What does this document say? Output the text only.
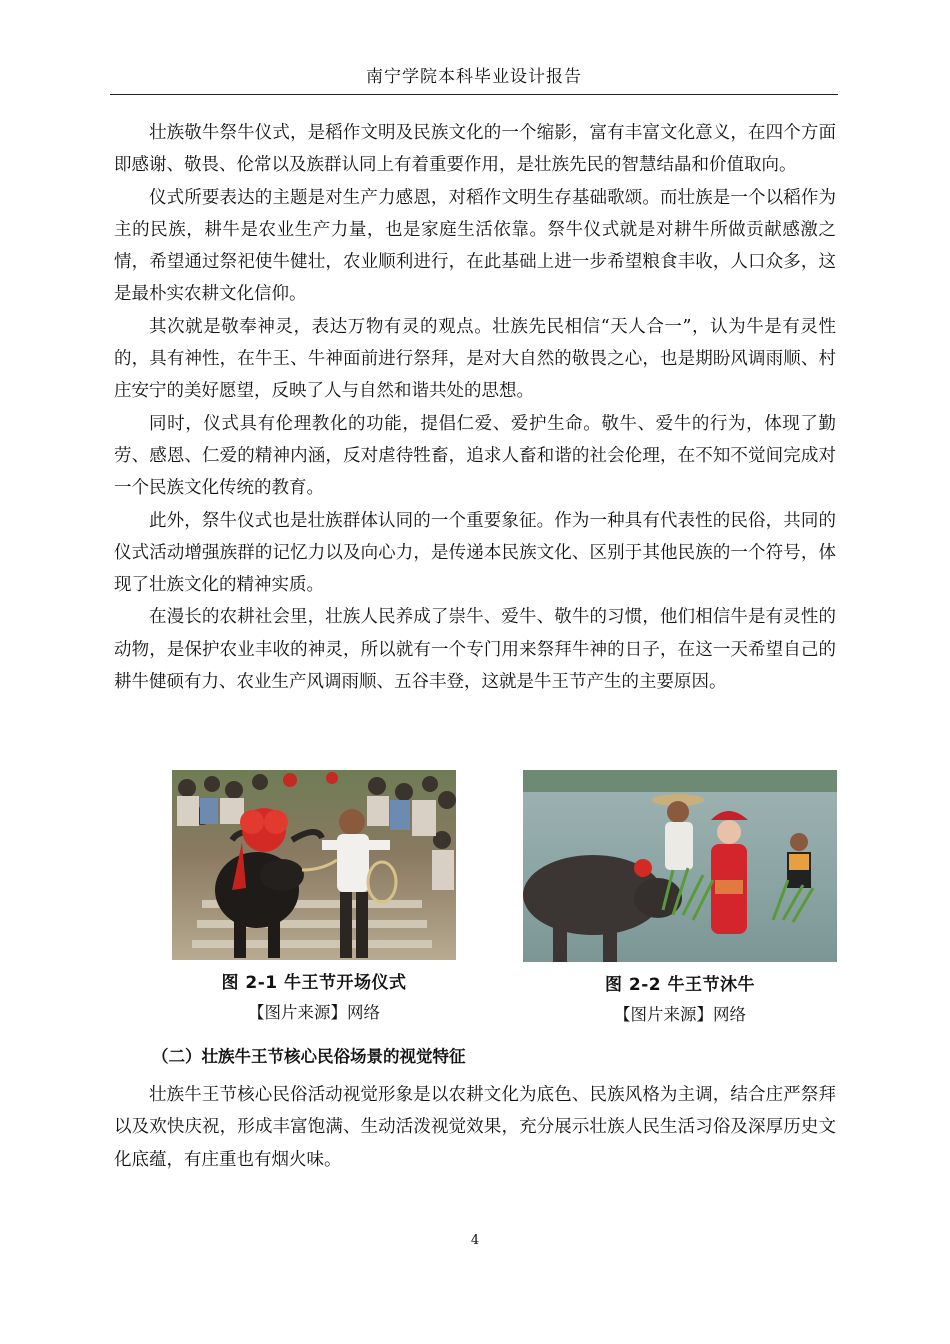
南宁学院本科毕业设计报告

壮族敬牛祭牛仪式，是稻作文明及民族文化的一个缩影，富有丰富文化意义，在四个方面即感谢、敬畏、伦常以及族群认同上有着重要作用，是壮族先民的智慧结晶和价值取向。

仪式所要表达的主题是对生产力感恩，对稻作文明生存基础歌颂。而壮族是一个以稻作为主的民族，耕牛是农业生产力量，也是家庭生活依靠。祭牛仪式就是对耕牛所做贡献感激之情，希望通过祭祀使牛健壮，农业顺利进行，在此基础上进一步希望粮食丰收，人口众多，这是最朴实农耕文化信仰。

其次就是敬奉神灵，表达万物有灵的观点。壮族先民相信“天人合一”，认为牛是有灵性的，具有神性，在牛王、牛神面前进行祭拜，是对大自然的敬畏之心，也是期盼风调雨顺、村庄安宁的美好愿望，反映了人与自然和谐共处的思想。

同时，仪式具有伦理教化的功能，提倡仁爱、爱护生命。敬牛、爱牛的行为，体现了勤劳、感恩、仁爱的精神内涵，反对虐待牲畜，追求人畜和谐的社会伦理，在不知不觉间完成对一个民族文化传统的教育。

此外，祭牛仪式也是壮族群体认同的一个重要象征。作为一种具有代表性的民俗，共同的仪式活动增强族群的记忆力以及向心力，是传递本民族文化、区别于其他民族的一个符号，体现了壮族文化的精神实质。

在漫长的农耕社会里，壮族人民养成了崇牛、爱牛、敬牛的习惯，他们相信牛是有灵性的动物，是保护农业丰收的神灵，所以就有一个专门用来祭拜牛神的日子，在这一天希望自己的耕牛健硕有力、农业生产风调雨顺、五谷丰登，这就是牛王节产生的主要原因。

图 2-1 牛王节开场仪式
【图片来源】网络
图 2-2 牛王节沐牛
【图片来源】网络
（二）壮族牛王节核心民俗场景的视觉特征

壮族牛王节核心民俗活动视觉形象是以农耕文化为底色、民族风格为主调，结合庄严祭拜以及欢快庆祝，形成丰富饱满、生动活泼视觉效果，充分展示壮族人民生活习俗及深厚历史文化底蕴，有庄重也有烟火味。

4
